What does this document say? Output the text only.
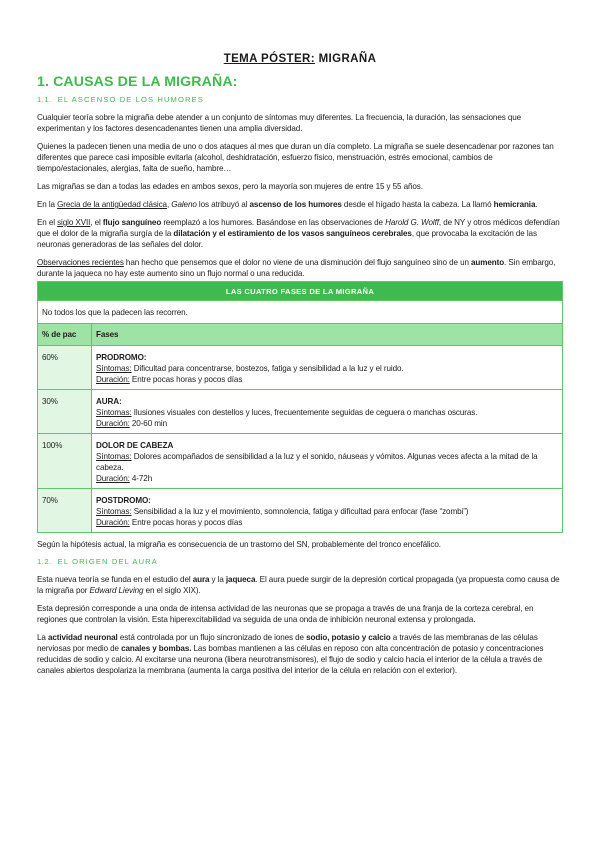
TEMA PÓSTER: MIGRAÑA
1. CAUSAS DE LA MIGRAÑA:
1.1. EL ASCENSO DE LOS HUMORES

Cualquier teoría sobre la migraña debe atender a un conjunto de síntomas muy diferentes. La frecuencia, la duración, las sensaciones que experimentan y los factores desencadenantes tienen una amplia diversidad.

Quienes la padecen tienen una media de uno o dos ataques al mes que duran un día completo. La migraña se suele desencadenar por razones tan diferentes que parece casi imposible evitarla (alcohol, deshidratación, esfuerzo físico, menstruación, estrés emocional, cambios de tiempo/estacionales, alergias, falta de sueño, hambre…

Las migrañas se dan a todas las edades en ambos sexos, pero la mayoría son mujeres de entre 15 y 55 años.

En la Grecia de la antigüedad clásica, Galeno los atribuyó al ascenso de los humores desde el hígado hasta la cabeza. La llamó hemicrania.

En el siglo XVII, el flujo sanguíneo reemplazó a los humores. Basándose en las observaciones de Harold G. Wolff, de NY y otros médicos defendían que el dolor de la migraña surgía de la dilatación y el estiramiento de los vasos sanguíneos cerebrales, que provocaba la excitación de las neuronas generadoras de las señales del dolor.

Observaciones recientes han hecho que pensemos que el dolor no viene de una disminución del flujo sanguíneo sino de un aumento. Sin embargo, durante la jaqueca no hay este aumento sino un flujo normal o una reducida.

LAS CUATRO FASES DE LA MIGRAÑA	
No todos los que la padecen las recorren.	
% de pac	Fases
60%	PRODROMO:
Síntomas: Dificultad para concentrarse, bostezos, fatiga y sensibilidad a la luz y el ruido.
Duración: Entre pocas horas y pocos días

30%	AURA:
Síntomas: Ilusiones visuales con destellos y luces, frecuentemente seguidas de ceguera o manchas oscuras.
Duración: 20-60 min

100%	DOLOR DE CABEZA
Síntomas: Dolores acompañados de sensibilidad a la luz y el sonido, náuseas y vómitos. Algunas veces afecta a la mitad de la cabeza.
Duración: 4-72h

70%	POSTDROMO:
Síntomas: Sensibilidad a la luz y el movimiento, somnolencia, fatiga y dificultad para enfocar (fase “zombi”)
Duración: Entre pocas horas y pocos días

Según la hipótesis actual, la migraña es consecuencia de un trastorno del SN, probablemente del tronco encefálico.

1.2. EL ORIGEN DEL AURA

Esta nueva teoría se funda en el estudio del aura y la jaqueca. El aura puede surgir de la depresión cortical propagada (ya propuesta como causa de la migraña por Edward Lieving en el siglo XIX).

Esta depresión corresponde a una onda de intensa actividad de las neuronas que se propaga a través de una franja de la corteza cerebral, en regiones que controlan la visión. Esta hiperexcitabilidad va seguida de una onda de inhibición neuronal extensa y prolongada.

La actividad neuronal está controlada por un flujo sincronizado de iones de sodio, potasio y calcio a través de las membranas de las células nerviosas por medio de canales y bombas. Las bombas mantienen a las células en reposo con alta concentración de potasio y concentraciones reducidas de sodio y calcio. Al excitarse una neurona (libera neurotransmisores), el flujo de sodio y calcio hacia el interior de la célula a través de canales abiertos despolariza la membrana (aumenta la carga positiva del interior de la célula en relación con el exterior).
